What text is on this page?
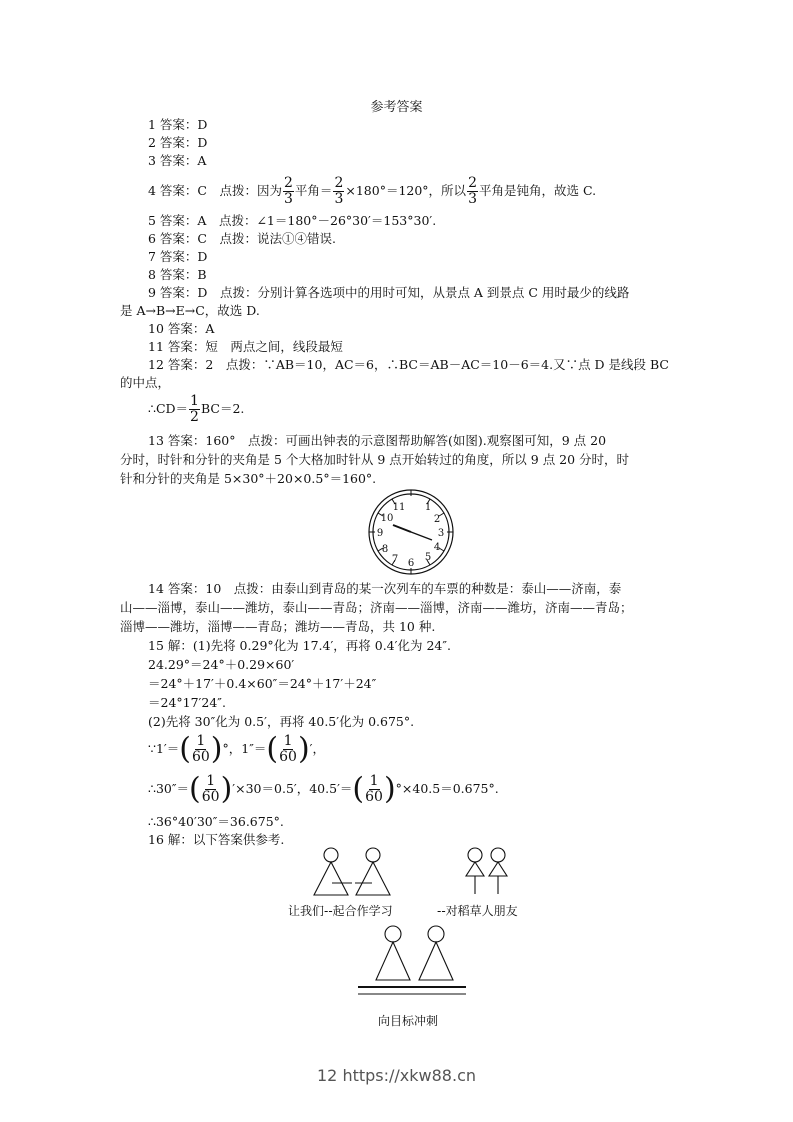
参考答案
1 答案：D
2 答案：D
3 答案：A
4 答案：C　点拨：因为 $\frac{2}{3}$ 平角＝ $\frac{2}{3} \times 180^\circ=120^\circ$，所以 $\frac{2}{3}$ 平角是钝角，故选 C.
5 答案：A　点拨：∠1＝180°－26°30′＝153°30′.
6 答案：C　点拨：说法①④错误.
7 答案：D
8 答案：B
9 答案：D　点拨：分别计算各选项中的用时可知，从景点 A 到景点 C 用时最少的线路
是 A→B→E→C，故选 D.
10 答案：A
11 答案：短　两点之间，线段最短
12 答案：2　点拨：∵AB＝10，AC＝6，∴BC＝AB－AC＝10－6＝4.又∵点 D 是线段 BC
的中点，
∴CD＝ $\frac{1}{2} BC=2$.
13 答案：160°　点拨：可画出钟表的示意图帮助解答(如图).观察图可知，9 点 20
分时，时针和分针的夹角是 5 个大格加时针从 9 点开始转过的角度，所以 9 点 20 分时，时
针和分针的夹角是 5×30°＋20×0.5°＝160°.
1
2
3
4
5
6
7
8
9
10
11
14 答案：10　点拨：由泰山到青岛的某一次列车的车票的种数是：泰山——济南，泰
山——淄博，泰山——潍坊，泰山——青岛；济南——淄博，济南——潍坊，济南——青岛；
淄博——潍坊，淄博——青岛；潍坊——青岛，共 10 种.
15 解：(1)先将 0.29°化为 17.4′，再将 0.4′化为 24″.
24.29°＝24°＋0.29×60′
＝24°＋17′＋0.4×60″＝24°＋17′＋24″
＝24°17′24″.
(2)先将 30″化为 0.5′，再将 40.5′化为 0.675°.
∵1′＝( $\frac{1}{60}$ )°，$1''=( \frac{1}{60}$ )′，
∴30″＝( $\frac{1}{60} )'\times 30=0.5'$，$40.5'=( \frac{1}{60} )^\circ\times 40.5=0.675^\circ$.
∴36°40′30″＝36.675°.
16 解：以下答案供参考.
让我们--起合作学习	--对稻草人朋友
向目标冲刺
12 https://xkw88.cn
